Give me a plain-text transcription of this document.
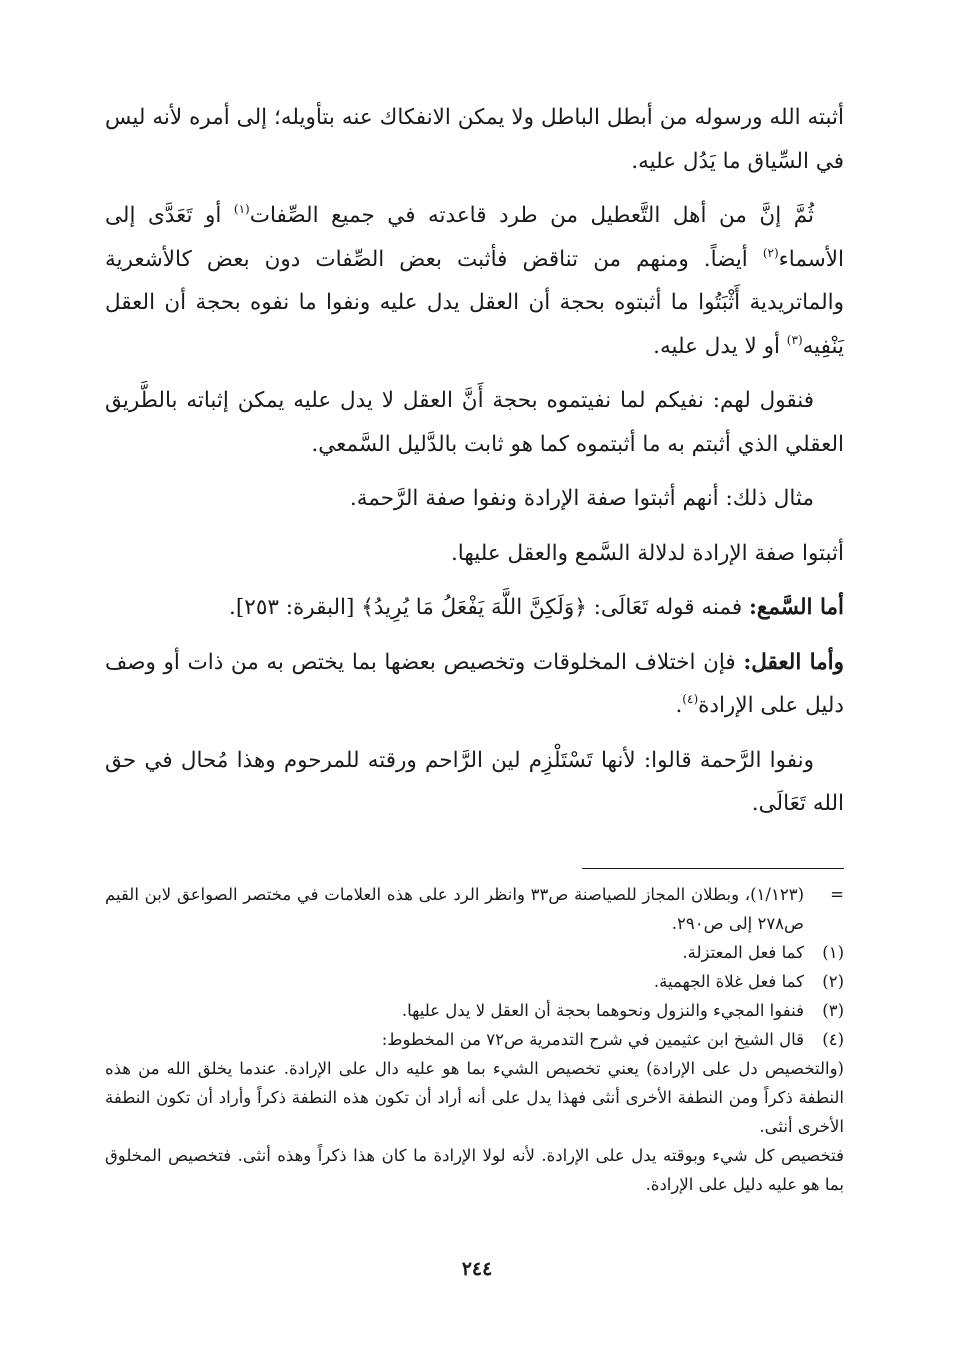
أثبته الله ورسوله من أبطل الباطل ولا يمكن الانفكاك عنه بتأويله؛ إلى أمره لأنه ليس في السِّياق ما يَدُل عليه.

ثُمَّ إنَّ من أهل التَّعطيل من طرد قاعدته في جميع الصِّفات$^{(١)}$ أو تَعَدَّى إلى الأسماء$^{(٢)}$ أيضاً. ومنهم من تناقض فأثبت بعض الصِّفات دون بعض كالأشعرية والماتريدية أَثْبَتُوا ما أثبتوه بحجة أن العقل يدل عليه ونفوا ما نفوه بحجة أن العقل يَنْفِيه$^{(٣)}$ أو لا يدل عليه.

فنقول لهم: نفيكم لما نفيتموه بحجة أَنَّ العقل لا يدل عليه يمكن إثباته بالطَّريق العقلي الذي أثبتم به ما أثبتموه كما هو ثابت بالدَّليل السَّمعي.

مثال ذلك: أنهم أثبتوا صفة الإرادة ونفوا صفة الرَّحمة.

أثبتوا صفة الإرادة لدلالة السَّمع والعقل عليها.

أما السَّمع: فمنه قوله تَعَالَى: ﴿وَلَكِنَّ اللَّهَ يَفْعَلُ مَا يُرِيدُ﴾ [البقرة: ٢٥٣].

وأما العقل: فإن اختلاف المخلوقات وتخصيص بعضها بما يختص به من ذات أو وصف دليل على الإرادة$^{(٤)}$.

ونفوا الرَّحمة قالوا: لأنها تَسْتَلْزِم لين الرَّاحم ورقته للمرحوم وهذا مُحال في حق الله تَعَالَى.

=
(١/١٢٣)، وبطلان المجاز للصياصنة ص٣٣ وانظر الرد على هذه العلامات في مختصر الصواعق لابن القيم ص٢٧٨ إلى ص٢٩٠.
(١)
كما فعل المعتزلة.
(٢)
كما فعل غلاة الجهمية.
(٣)
فنفوا المجيء والنزول ونحوهما بحجة أن العقل لا يدل عليها.
(٤)
قال الشيخ ابن عثيمين في شرح التدمرية ص٧٢ من المخطوط:

(والتخصيص دل على الإرادة) يعني تخصيص الشيء بما هو عليه دال على الإرادة. عندما يخلق الله من هذه النطفة ذكراً ومن النطفة الأخرى أنثى فهذا يدل على أنه أراد أن تكون هذه النطفة ذكراً وأراد أن تكون النطفة الأخرى أنثى.

فتخصيص كل شيء وبوقته يدل على الإرادة. لأنه لولا الإرادة ما كان هذا ذكراً وهذه أنثى. فتخصيص المخلوق بما هو عليه دليل على الإرادة.

٢٤٤
